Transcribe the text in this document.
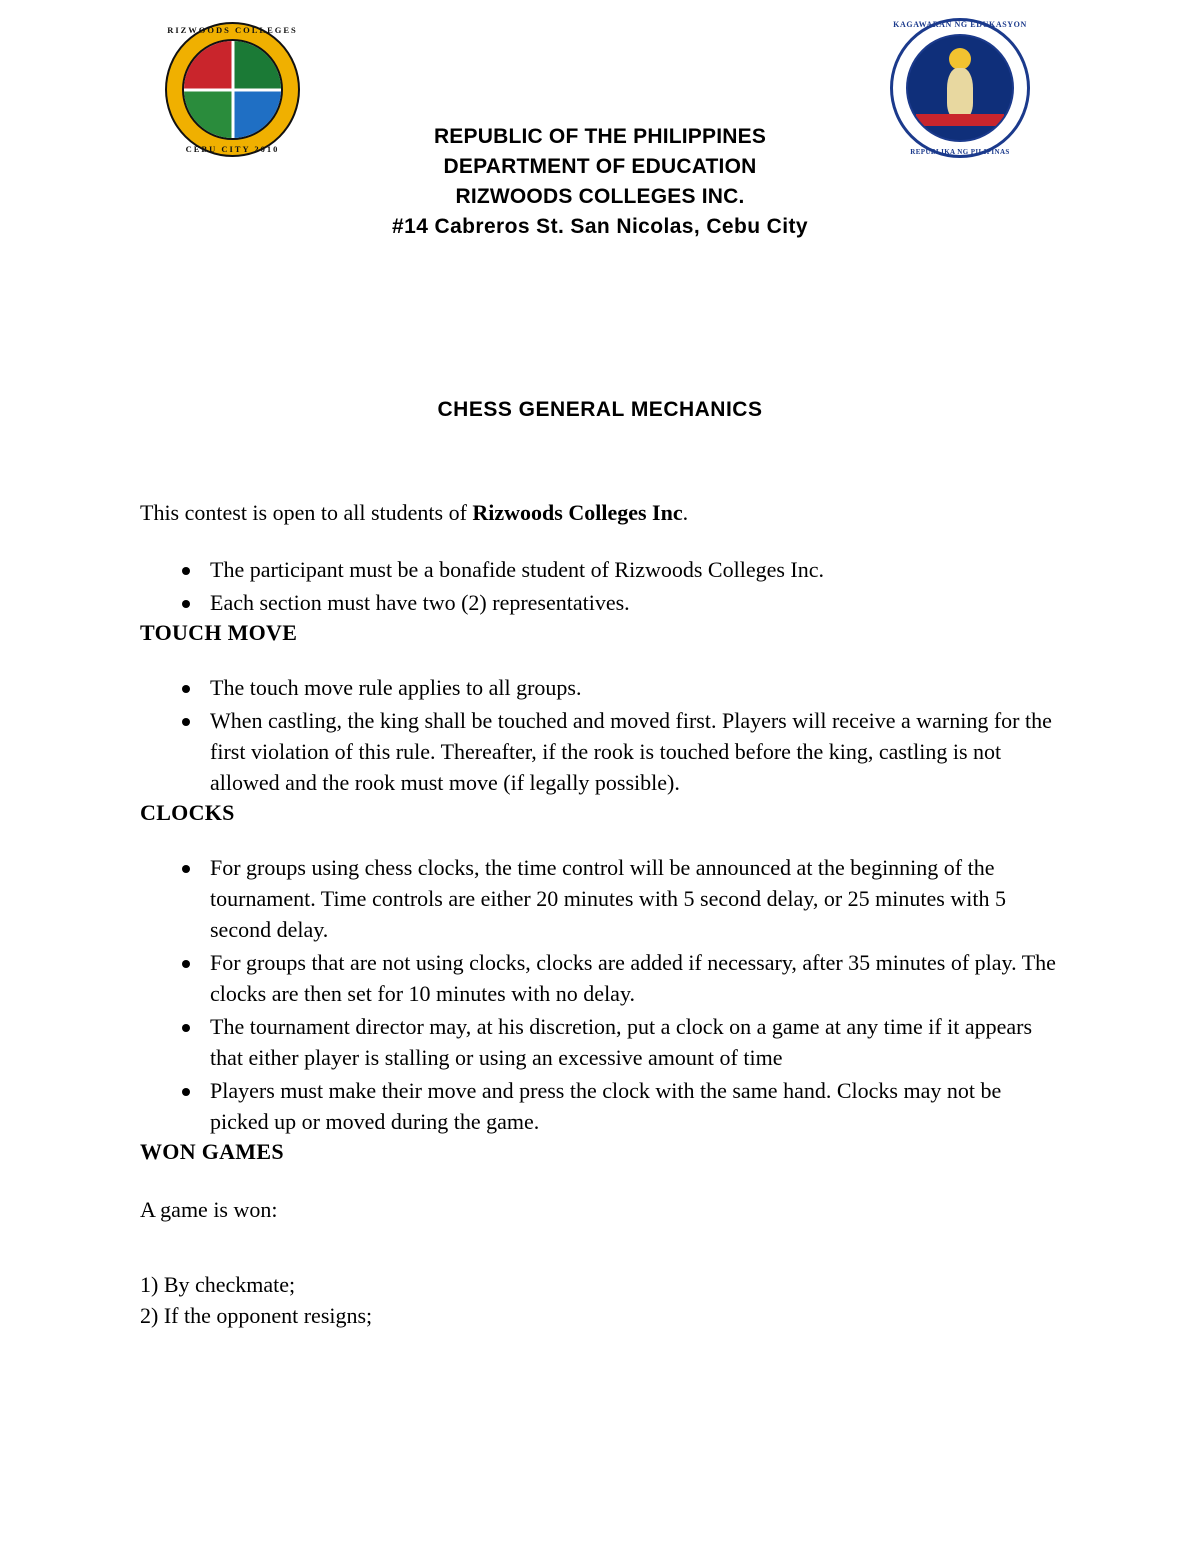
RIZWOODS COLLEGES
CEBU CITY 2010
REPUBLIC OF THE PHILIPPINES
DEPARTMENT OF EDUCATION
RIZWOODS COLLEGES INC.
#14 Cabreros St. San Nicolas, Cebu City
KAGAWARAN NG EDUKASYON
REPUBLIKA NG PILIPINAS
CHESS GENERAL MECHANICS

This contest is open to all students of Rizwoods Colleges Inc.

The participant must be a bonafide student of Rizwoods Colleges Inc.
Each section must have two (2) representatives.
TOUCH MOVE
The touch move rule applies to all groups.
When castling, the king shall be touched and moved first. Players will receive a warning for the first violation of this rule. Thereafter, if the rook is touched before the king, castling is not allowed and the rook must move (if legally possible).
CLOCKS
For groups using chess clocks, the time control will be announced at the beginning of the tournament. Time controls are either 20 minutes with 5 second delay, or 25 minutes with 5 second delay.
For groups that are not using clocks, clocks are added if necessary, after 35 minutes of play. The clocks are then set for 10 minutes with no delay.
The tournament director may, at his discretion, put a clock on a game at any time if it appears that either player is stalling or using an excessive amount of time
Players must make their move and press the clock with the same hand. Clocks may not be picked up or moved during the game.
WON GAMES

A game is won:

1) By checkmate;
2) If the opponent resigns;
